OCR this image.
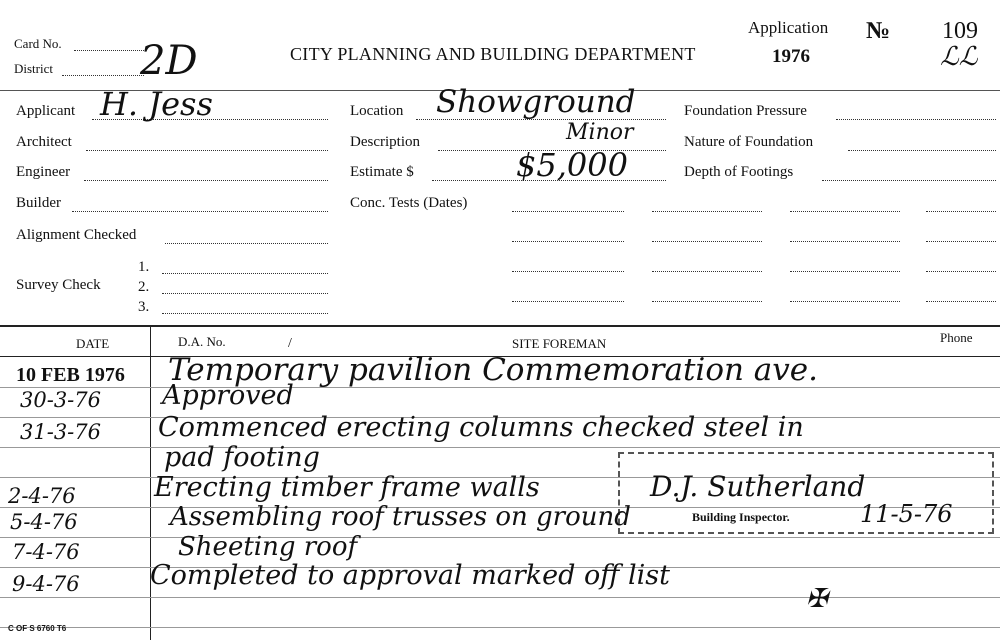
Card No.
District 2D	CITY PLANNING AND BUILDING DEPARTMENT
Application
1976
№ 109
ℒℒ
Applicant H. Jess
Architect
Engineer
Builder
Alignment Checked
Survey Check
1.
2.
3.
Location Showground
Description	Minor
Estimate $	$5,000
Conc. Tests (Dates)
Foundation Pressure
Nature of Foundation
Depth of Footings
DATE	D.A. No.	/	SITE FOREMAN	Phone
D.J. Sutherland
Building Inspector.	11-5-76
10 FEB 1976 Temporary pavilion Commemoration ave.
30-3-76 Approved
31-3-76 Commenced erecting columns checked steel in
pad footing
2-4-76	Erecting timber frame walls
5-4-76	Assembling roof trusses on ground
7-4-76	Sheeting roof
9-4-76	Completed to approval marked off list
✠
C OF S 6760 T6
